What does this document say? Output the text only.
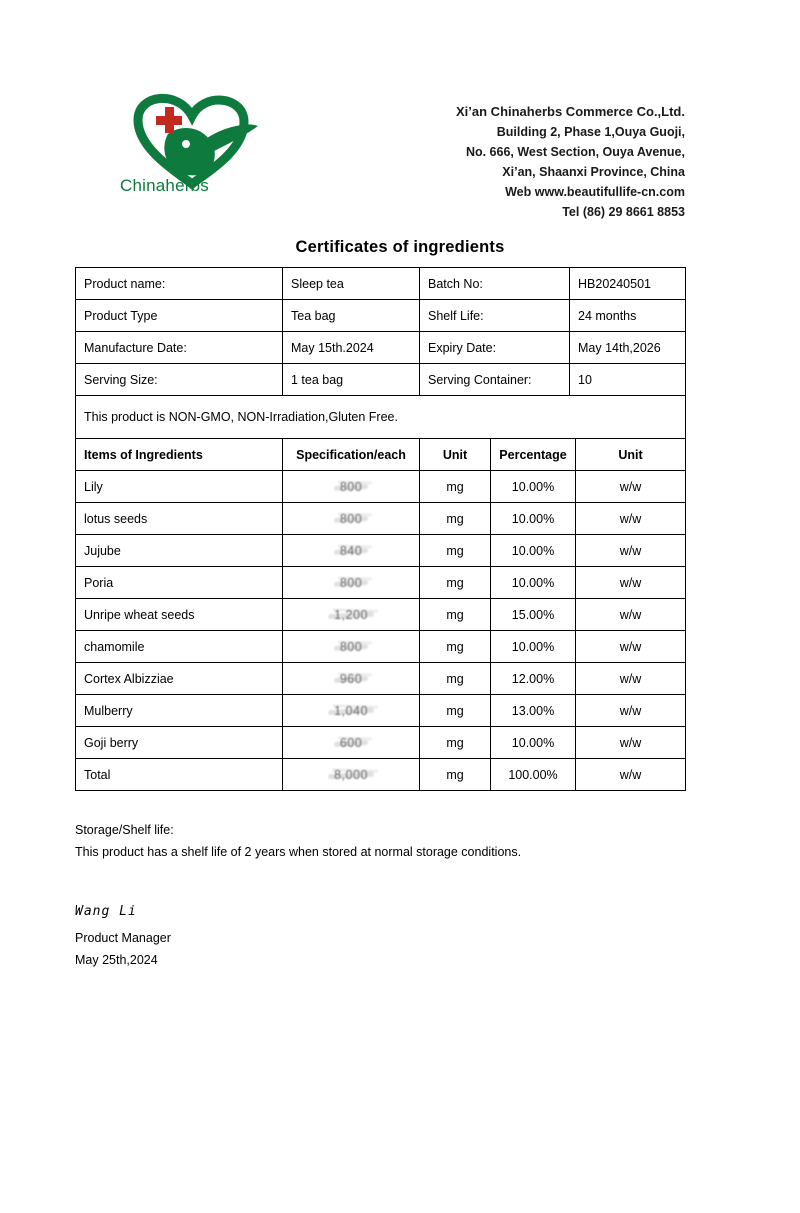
Chinaherbs
Xi’an Chinaherbs Commerce Co.,Ltd.
Building 2, Phase 1,Ouya Guoji,
No. 666, West Section, Ouya Avenue,
Xi’an, Shaanxi Province, China
Web www.beautifullife-cn.com
Tel (86) 29 8661 8853
Certificates of ingredients
Product name:	Sleep tea	Batch No:	HB20240501
Product Type	Tea bag	Shelf Life:	24 months
Manufacture Date:	May 15th.2024	Expiry Date:	May 14th,2026
Serving Size:	1 tea bag	Serving Container:	10
This product is NON-GMO, NON-Irradiation,Gluten Free.			
Items of Ingredients	Specification/each	Unit	Percentage	Unit
Lily	800	mg	10.00%	w/w
lotus seeds	800	mg	10.00%	w/w
Jujube	840	mg	10.00%	w/w
Poria	800	mg	10.00%	w/w
Unripe wheat seeds	1,200	mg	15.00%	w/w
chamomile	800	mg	10.00%	w/w
Cortex Albizziae	960	mg	12.00%	w/w
Mulberry	1,040	mg	13.00%	w/w
Goji berry	600	mg	10.00%	w/w
Total	8,000	mg	100.00%	w/w
Storage/Shelf life:
This product has a shelf life of 2 years when stored at normal storage conditions.
Wang Li
Product Manager
May 25th,2024
